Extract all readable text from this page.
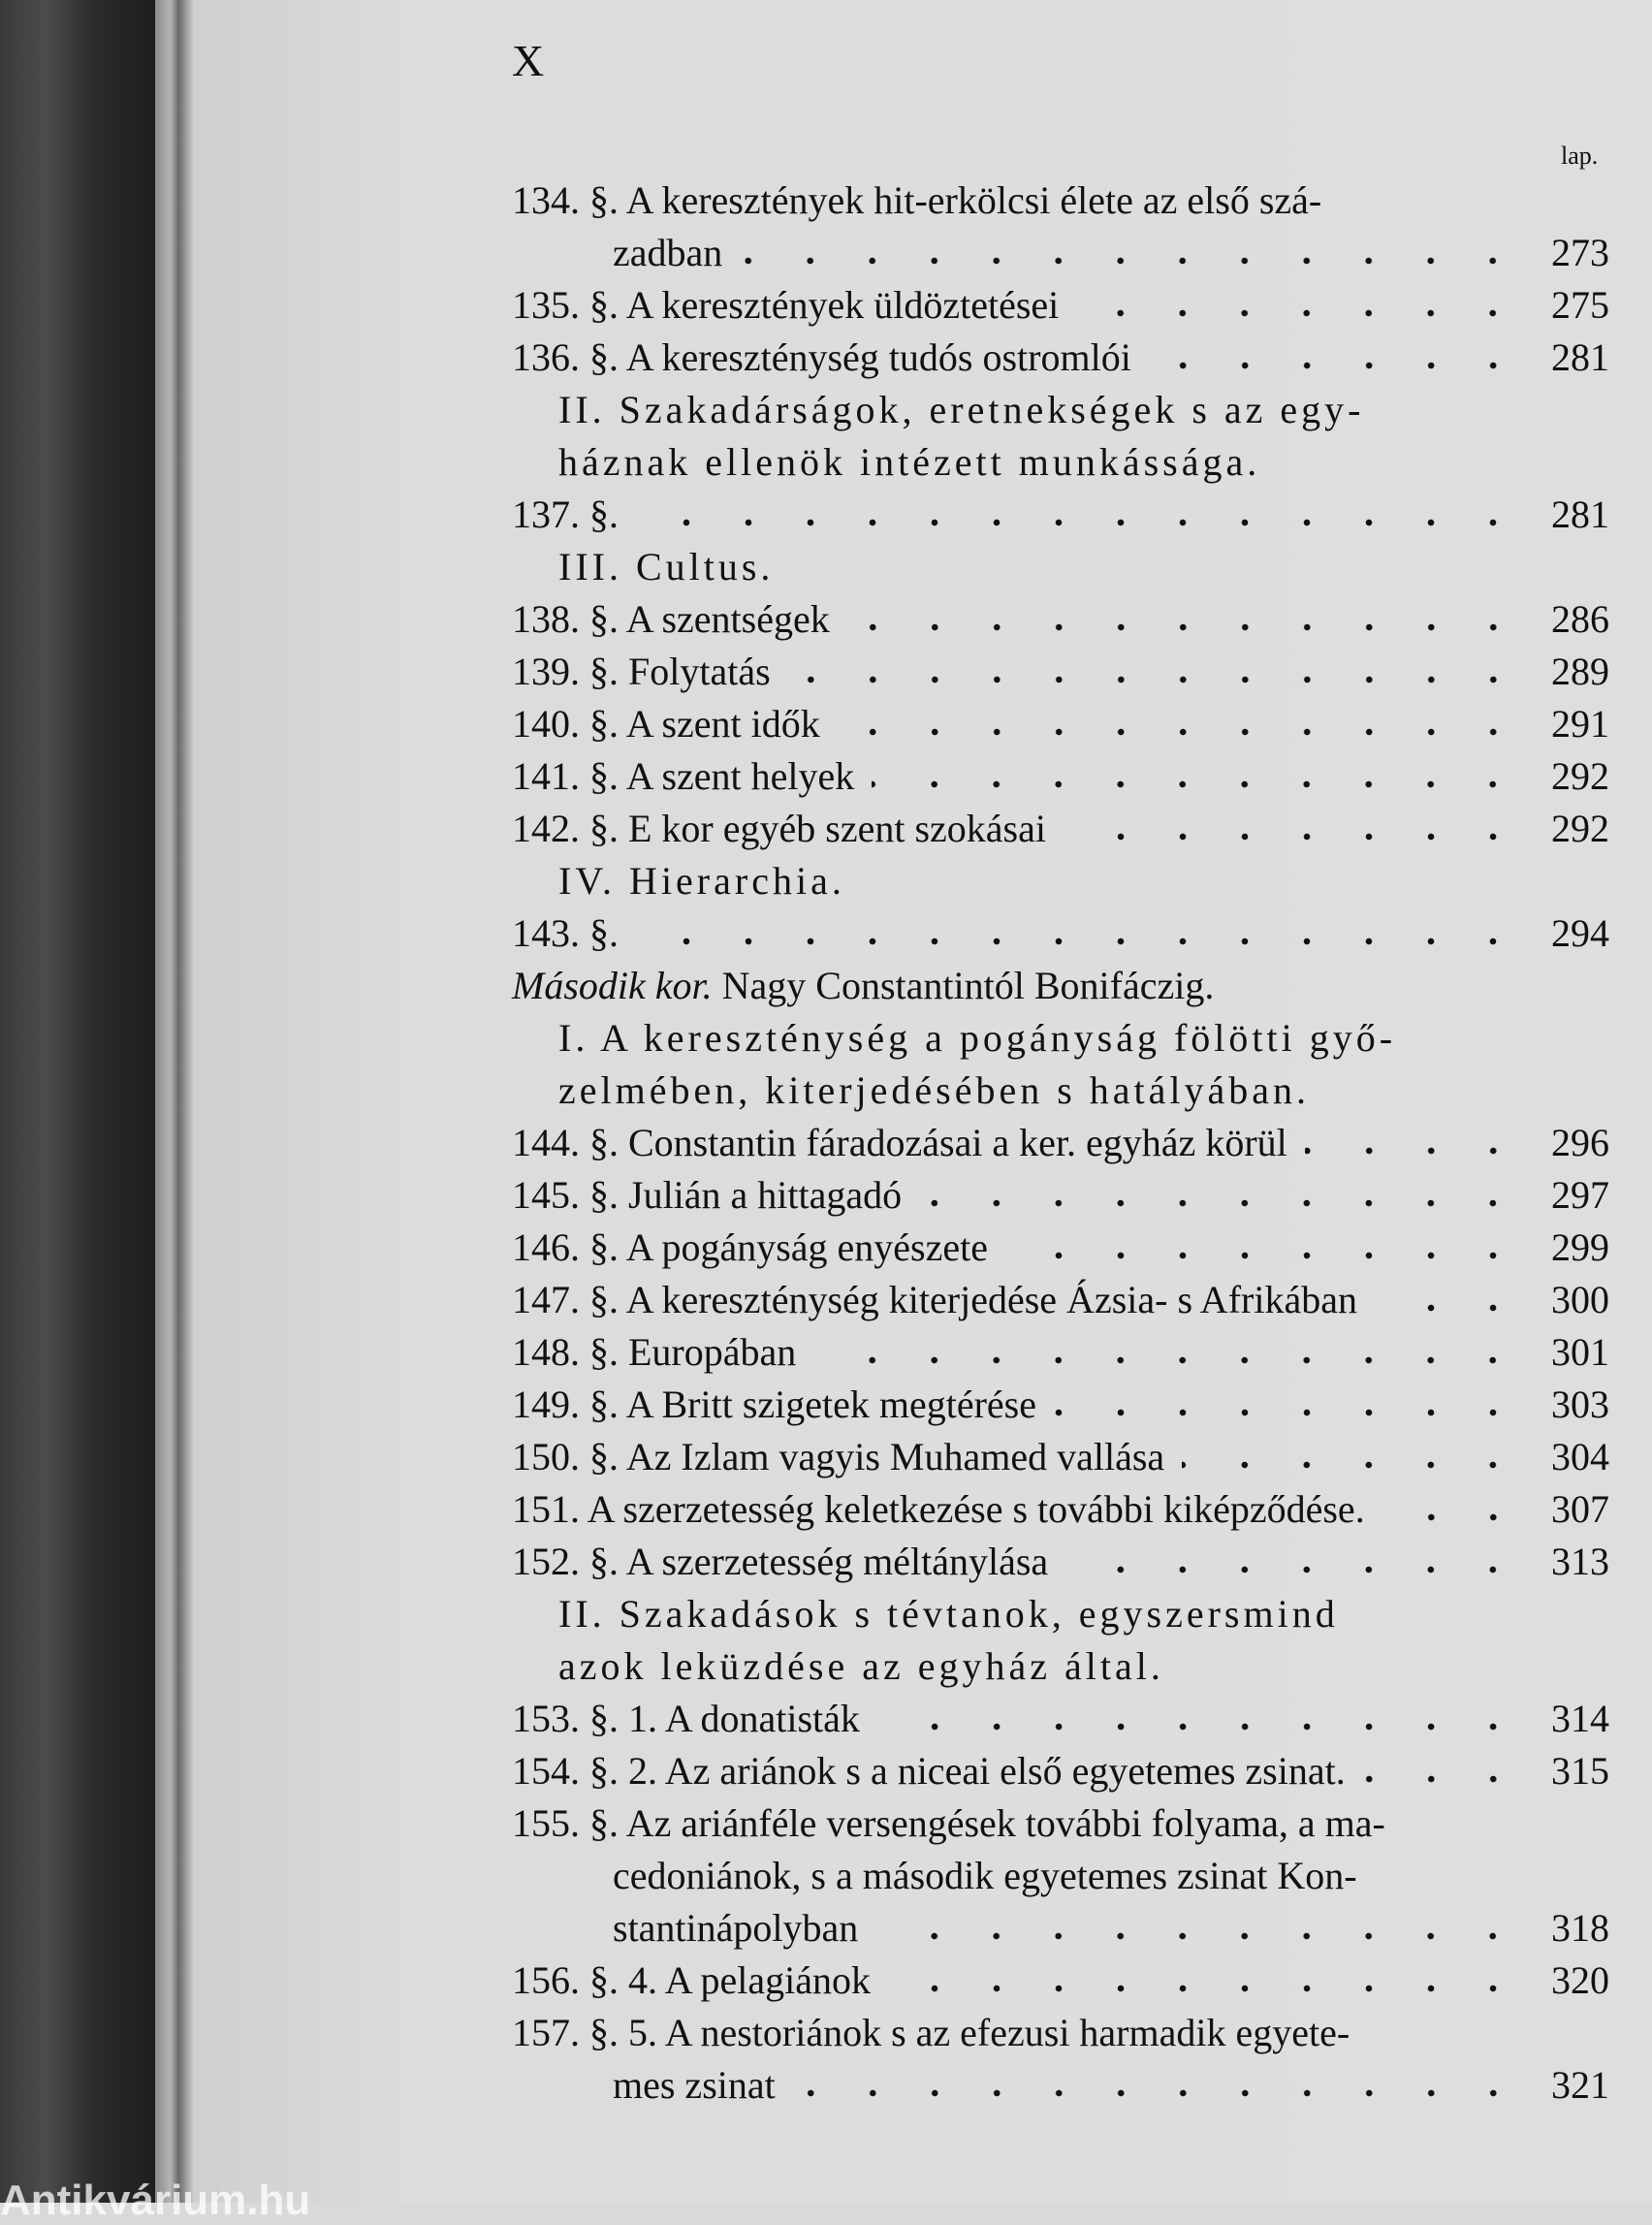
X
lap.
134. §. A keresztények hit-erkölcsi élete az első szá-
zadban	273
135. §. A keresztények üldöztetései	275
136. §. A kereszténység tudós ostromlói	281
II. Szakadárságok, eretnekségek s az egy-
háznak ellenök intézett munkássága.
137. §.	281
III. Cultus.
138. §. A szentségek	286
139. §. Folytatás	289
140. §. A szent idők	291
141. §. A szent helyek	292
142. §. E kor egyéb szent szokásai	292
IV. Hierarchia.
143. §.	294
Második kor. Nagy Constantintól Bonifáczig.
I. A kereszténység a pogányság fölötti győ-
zelmében, kiterjedésében s hatályában.
144. §. Constantin fáradozásai a ker. egyház körül	296
145. §. Julián a hittagadó	297
146. §. A pogányság enyészete	299
147. §. A kereszténység kiterjedése Ázsia- s Afrikában	300
148. §. Europában	301
149. §. A Britt szigetek megtérése	303
150. §. Az Izlam vagyis Muhamed vallása	304
151. A szerzetesség keletkezése s további kiképződése.	307
152. §. A szerzetesség méltánylása	313
II. Szakadások s tévtanok, egyszersmind
azok leküzdése az egyház által.
153. §. 1. A donatisták	314
154. §. 2. Az ariánok s a niceai első egyetemes zsinat.	315
155. §. Az ariánféle versengések további folyama, a ma-
cedoniánok, s a második egyetemes zsinat Kon-
stantinápolyban	318
156. §. 4. A pelagiánok	320
157. §. 5. A nestoriánok s az efezusi harmadik egyete-
mes zsinat	321
Antikvárium.hu
